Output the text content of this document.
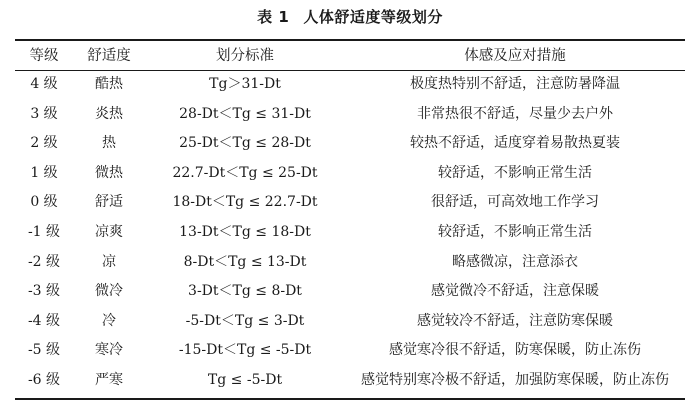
表 1 人体舒适度等级划分
等级	舒适度	划分标准	体感及应对措施
4 级	酷热	Tg＞31-Dt	极度热特别不舒适，注意防暑降温
3 级	炎热	28-Dt＜Tg ≤ 31-Dt	非常热很不舒适，尽量少去户外
2 级	热	25-Dt＜Tg ≤ 28-Dt	较热不舒适，适度穿着易散热夏装
1 级	微热	22.7-Dt＜Tg ≤ 25-Dt	较舒适，不影响正常生活
0 级	舒适	18-Dt＜Tg ≤ 22.7-Dt	很舒适，可高效地工作学习
-1 级	凉爽	13-Dt＜Tg ≤ 18-Dt	较舒适，不影响正常生活
-2 级	凉	8-Dt＜Tg ≤ 13-Dt	略感微凉，注意添衣
-3 级	微冷	3-Dt＜Tg ≤ 8-Dt	感觉微冷不舒适，注意保暖
-4 级	冷	-5-Dt＜Tg ≤ 3-Dt	感觉较冷不舒适，注意防寒保暖
-5 级	寒冷	-15-Dt＜Tg ≤ -5-Dt	感觉寒冷很不舒适，防寒保暖，防止冻伤
-6 级	严寒	Tg ≤ -5-Dt	感觉特别寒冷极不舒适，加强防寒保暖，防止冻伤
